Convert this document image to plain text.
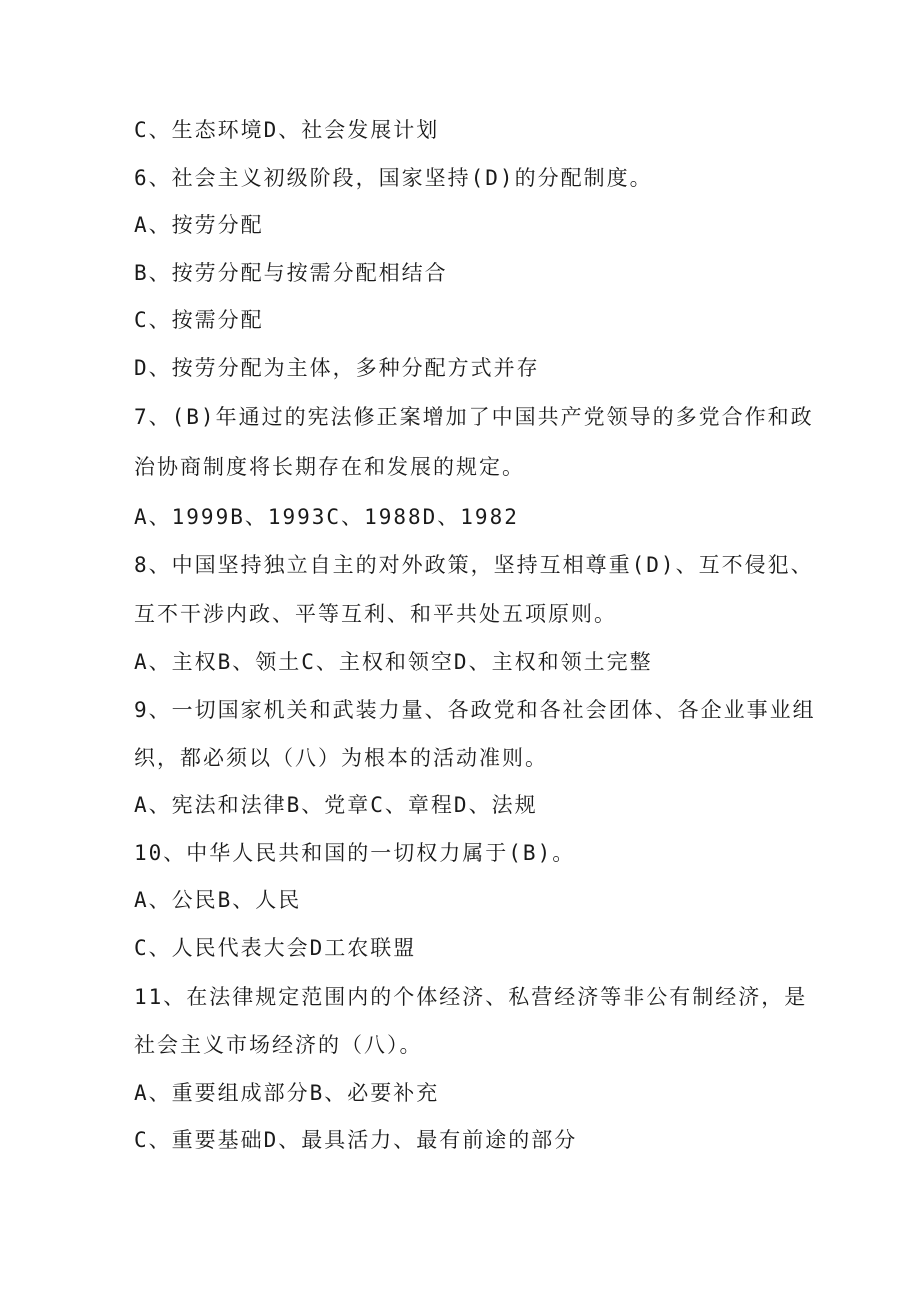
C、生态环境D、社会发展计划
6、社会主义初级阶段，国家坚持(D)的分配制度。
A、按劳分配
B、按劳分配与按需分配相结合
C、按需分配
D、按劳分配为主体，多种分配方式并存
7、(B)年通过的宪法修正案增加了中国共产党领导的多党合作和政
治协商制度将长期存在和发展的规定。
A、1999B、1993C、1988D、1982
8、中国坚持独立自主的对外政策，坚持互相尊重(D)、互不侵犯、
互不干涉内政、平等互利、和平共处五项原则。
A、主权B、领土C、主权和领空D、主权和领土完整
9、一切国家机关和武装力量、各政党和各社会团体、各企业事业组
织，都必须以（八）为根本的活动准则。
A、宪法和法律B、党章C、章程D、法规
10、中华人民共和国的一切权力属于(B)。
A、公民B、人民
C、人民代表大会D工农联盟
11、在法律规定范围内的个体经济、私营经济等非公有制经济，是
社会主义市场经济的（八）。
A、重要组成部分B、必要补充
C、重要基础D、最具活力、最有前途的部分
